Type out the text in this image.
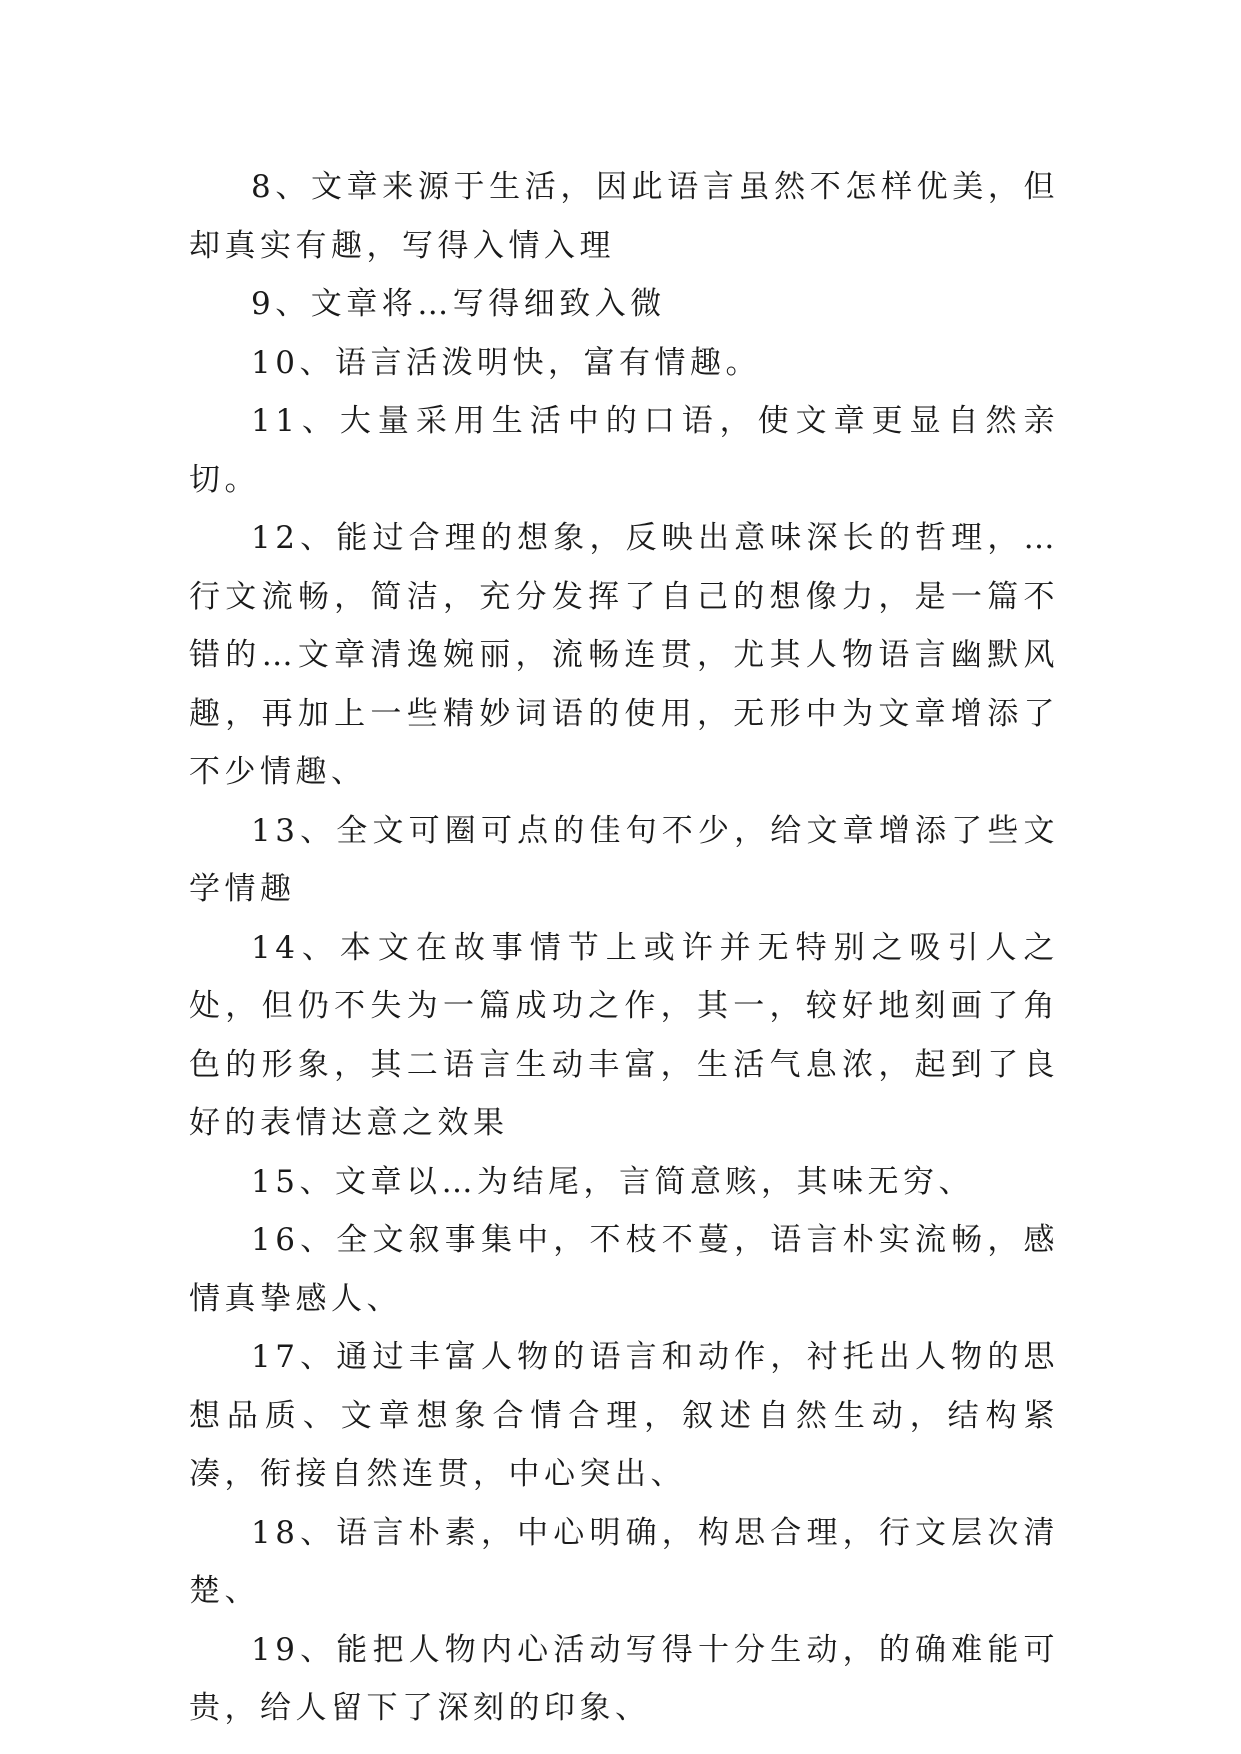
8、文章来源于生活，因此语言虽然不怎样优美，但却真实有趣，写得入情入理

9、文章将…写得细致入微

10、语言活泼明快，富有情趣。

11、大量采用生活中的口语，使文章更显自然亲切。

12、能过合理的想象，反映出意味深长的哲理，…行文流畅，简洁，充分发挥了自己的想像力，是一篇不错的…文章清逸婉丽，流畅连贯，尤其人物语言幽默风趣，再加上一些精妙词语的使用，无形中为文章增添了不少情趣、

13、全文可圈可点的佳句不少，给文章增添了些文学情趣

14、本文在故事情节上或许并无特别之吸引人之处，但仍不失为一篇成功之作，其一，较好地刻画了角色的形象，其二语言生动丰富，生活气息浓，起到了良好的表情达意之效果

15、文章以…为结尾，言简意赅，其味无穷、

16、全文叙事集中，不枝不蔓，语言朴实流畅，感情真挚感人、

17、通过丰富人物的语言和动作，衬托出人物的思想品质、文章想象合情合理，叙述自然生动，结构紧凑，衔接自然连贯，中心突出、

18、语言朴素，中心明确，构思合理，行文层次清楚、

19、能把人物内心活动写得十分生动，的确难能可贵，给人留下了深刻的印象、
